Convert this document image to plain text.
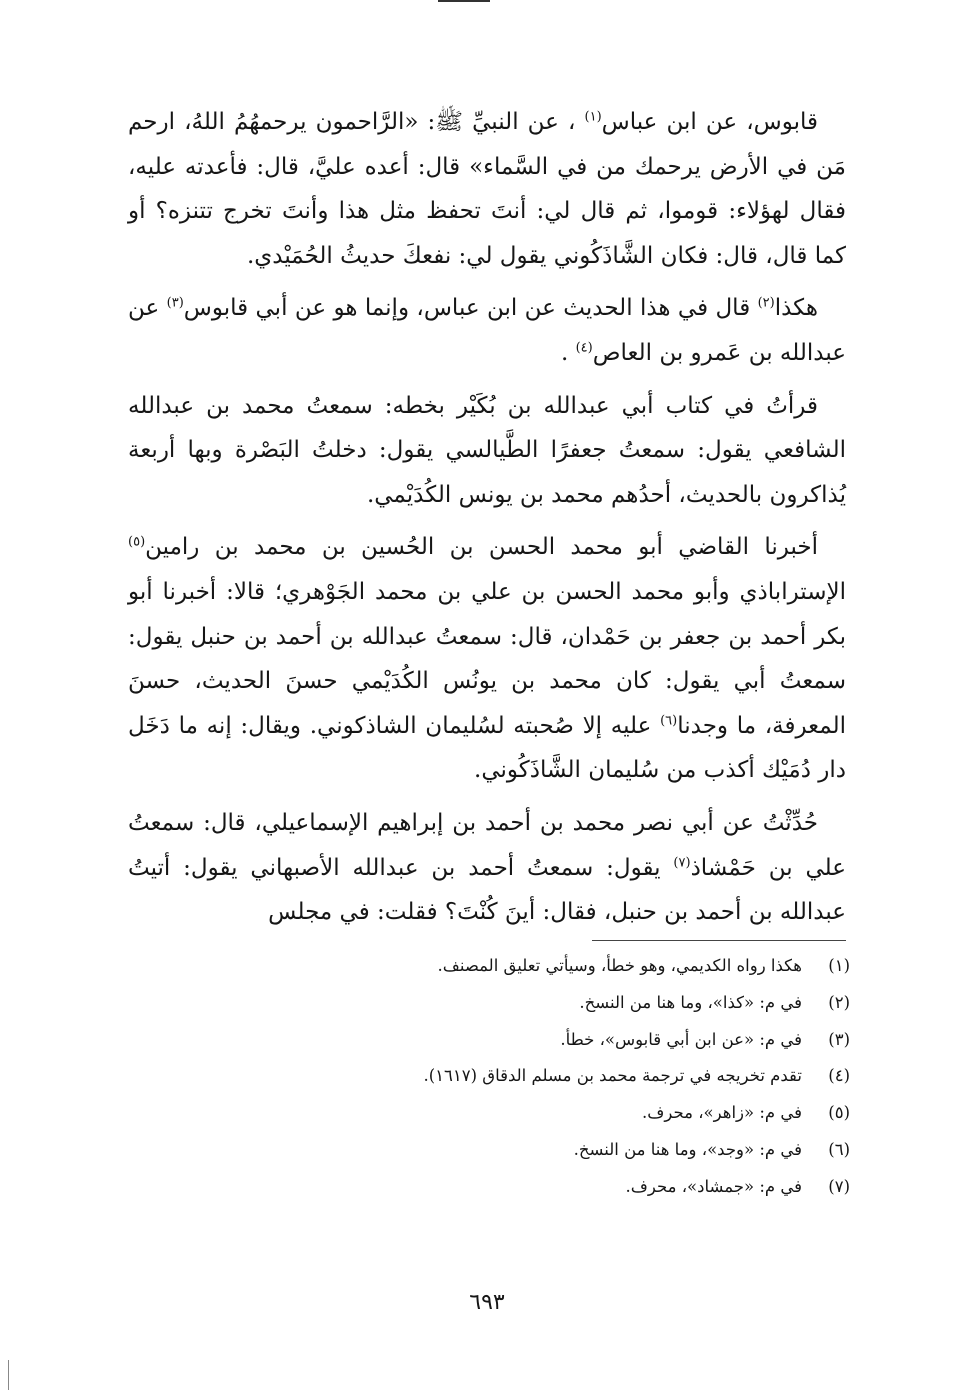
قابوس، عن ابن عباس$^{(١)}$ ، عن النبيِّ ﷺ: «الرَّاحمون يرحمهُمُ اللهُ، ارحم مَن في الأرض يرحمك من في السَّماء» قال: أعده عليَّ، قال: فأعدته عليه، فقال لهؤلاء: قوموا، ثم قال لي: أنتَ تحفظ مثل هذا وأنتَ تخرج تتنزه؟ أو كما قال، قال: فكان الشَّاذَكُوني يقول لي: نفعكَ حديثُ الحُمَيْدي.

هكذا$^{(٢)}$ قال في هذا الحديث عن ابن عباس، وإنما هو عن أبي قابوس$^{(٣)}$ عن عبدالله بن عَمرو بن العاص$^{(٤)}$ .

قرأتُ في كتاب أبي عبدالله بن بُكَيْر بخطه: سمعتُ محمد بن عبدالله الشافعي يقول: سمعتُ جعفرًا الطَّيالسي يقول: دخلتُ البَصْرة وبها أربعة يُذاكرون بالحديث، أحدُهم محمد بن يونس الكُدَيْمي.

أخبرنا القاضي أبو محمد الحسن بن الحُسين بن محمد بن رامين$^{(٥)}$ الإستراباذي وأبو محمد الحسن بن علي بن محمد الجَوْهري؛ قالا: أخبرنا أبو بكر أحمد بن جعفر بن حَمْدان، قال: سمعتُ عبدالله بن أحمد بن حنبل يقول: سمعتُ أبي يقول: كان محمد بن يونُس الكُدَيْمي حسنَ الحديث، حسنَ المعرفة، ما وجدنا$^{(٦)}$ عليه إلا صُحبته لسُليمان الشاذكوني. ويقال: إنه ما دَخَل دار دُمَيْك أكذب من سُليمان الشَّاذَكُوني.

حُدِّثْتُ عن أبي نصر محمد بن أحمد بن إبراهيم الإسماعيلي، قال: سمعتُ علي بن حَمْشاذ$^{(٧)}$ يقول: سمعتُ أحمد بن عبدالله الأصبهاني يقول: أتيتُ عبدالله بن أحمد بن حنبل، فقال: أينَ كُنْتَ؟ فقلت: في مجلس

(١)
هكذا رواه الكديمي، وهو خطأ، وسيأتي تعليق المصنف.
(٢)
في م: «كذا»، وما هنا من النسخ.
(٣)
في م: «عن ابن أبي قابوس»، خطأ.
(٤)
تقدم تخريجه في ترجمة محمد بن مسلم الدقاق (١٦١٧).
(٥)
في م: «زاهر»، محرف.
(٦)
في م: «وجد»، وما هنا من النسخ.
(٧)
في م: «جمشاد»، محرف.
٦٩٣
